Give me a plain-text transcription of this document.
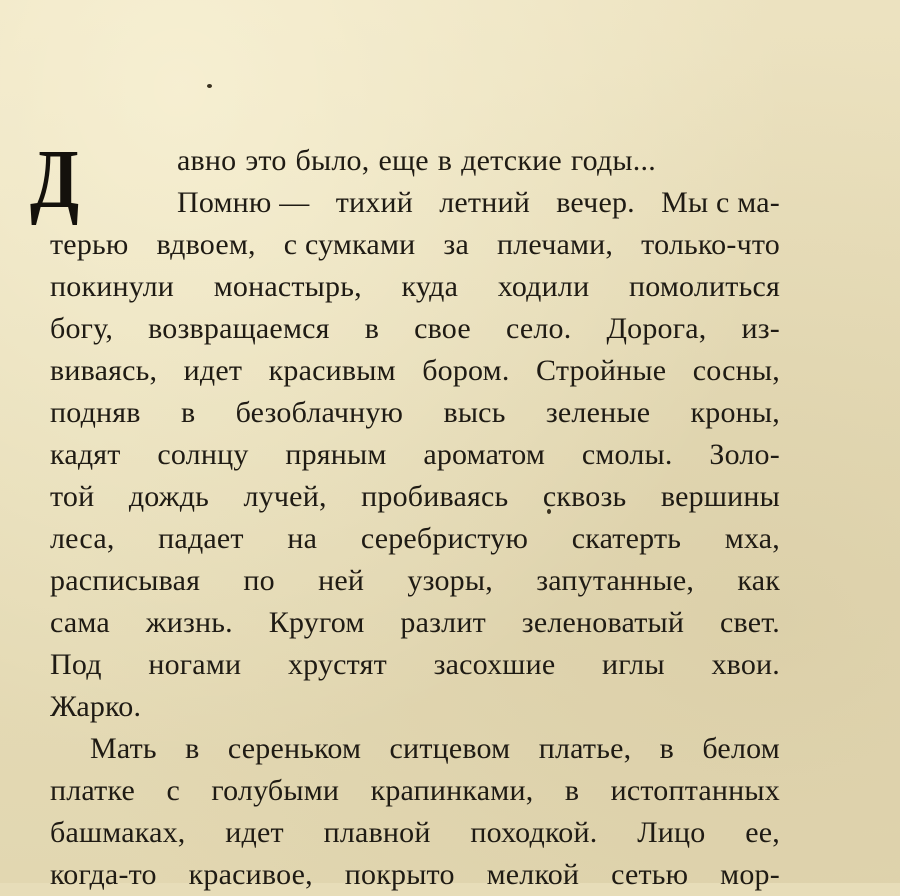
Д	авно это было, еще в детские годы...
Помню — тихий летний вечер. Мы с ма-
терью вдвоем, с сумками за плечами, только-что
покинули монастырь, куда ходили помолиться
богу, возвращаемся в свое село. Дорога, из-
виваясь, идет красивым бором. Стройные сосны,
подняв в безоблачную высь зеленые кроны,
кадят солнцу пряным ароматом смолы. Золо-
той дождь лучей, пробиваясь сквозь вершины
леса, падает на серебристую скатерть мха,
расписывая по ней узоры, запутанные, как
сама жизнь. Кругом разлит зеленоватый свет.
Под ногами хрустят засохшие иглы хвои.
Жарко.
Мать в сереньком ситцевом платье, в белом
платке с голубыми крапинками, в истоптанных
башмаках, идет плавной походкой. Лицо ее,
когда-то красивое, покрыто мелкой сетью мор-
